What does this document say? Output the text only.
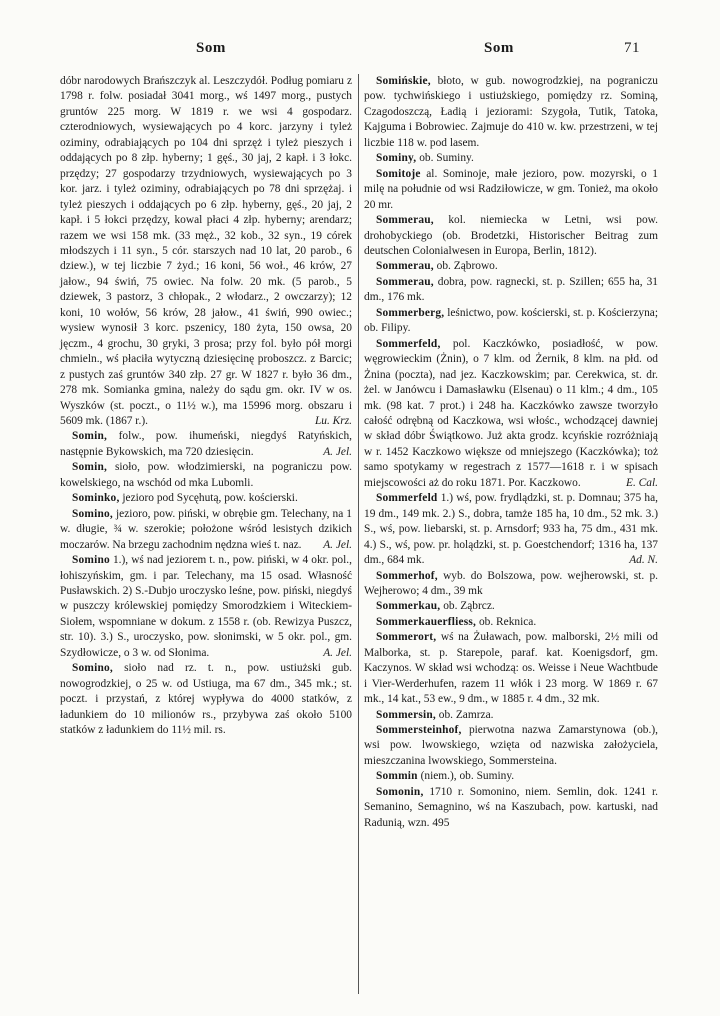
Som	Som	71

dóbr narodowych Brańszczyk al. Leszczydół. Podług pomiaru z 1798 r. folw. posiadał 3041 morg., wś 1497 morg., pustych gruntów 225 morg. W 1819 r. we wsi 4 gospodarz. czterodniowych, wysiewających po 4 korc. jarzyny i tyleż oziminy, odrabiających po 104 dni sprzęż i tyleż pieszych i oddających po 8 złp. hyberny; 1 gęś., 30 jaj, 2 kapł. i 3 łokc. przędzy; 27 gospodarzy trzydniowych, wysiewających po 3 kor. jarz. i tyleż oziminy, odrabiających po 78 dni sprzężaj. i tyleż pieszych i oddających po 6 złp. hyberny, gęś., 20 jaj, 2 kapł. i 5 łokci przędzy, kowal płaci 4 złp. hyberny; arendarz; razem we wsi 158 mk. (33 męż., 32 kob., 32 syn., 19 córek młodszych i 11 syn., 5 cór. starszych nad 10 lat, 20 parob., 6 dziew.), w tej liczbie 7 żyd.; 16 koni, 56 woł., 46 krów, 27 jałow., 94 świń, 75 owiec. Na folw. 20 mk. (5 parob., 5 dziewek, 3 pastorz, 3 chłopak., 2 włodarz., 2 owczarzy); 12 koni, 10 wołów, 56 krów, 28 jałow., 41 świń, 990 owiec.; wysiew wynosił 3 korc. pszenicy, 180 żyta, 150 owsa, 20 jęczm., 4 grochu, 30 gryki, 3 prosa; przy fol. było pół morgi chmieln., wś płaciła wytyczną dziesięcinę proboszcz. z Barcic; z pustych zaś gruntów 340 złp. 27 gr. W 1827 r. było 36 dm., 278 mk. Somianka gmina, należy do sądu gm. okr. IV w os. Wyszków (st. poczt., o 11½ w.), ma 15996 morg. obszaru i 5609 mk. (1867 r.).	Lu. Krz.

Somin, folw., pow. ihumeński, niegdyś Ratyńskich, następnie Bykowskich, ma 720 dziesięcin.	A. Jel.

Somin, sioło, pow. włodzimierski, na pograniczu pow. kowelskiego, na wschód od mka Lubomli.

Sominko, jezioro pod Sycęhutą, pow. kościerski.

Somino, jezioro, pow. piński, w obrębie gm. Telechany, na 1 w. długie, ¾ w. szerokie; położone wśród lesistych dzikich moczarów. Na brzegu zachodnim nędzna wieś t. naz.	A. Jel.

Somino 1.), wś nad jeziorem t. n., pow. piński, w 4 okr. pol., łohiszyńskim, gm. i par. Telechany, ma 15 osad. Własność Pusławskich. 2) S.-Dubjo uroczysko leśne, pow. piński, niegdyś w puszczy królewskiej pomiędzy Smorodzkiem i Witeckiem-Siołem, wspomniane w dokum. z 1558 r. (ob. Rewizya Puszcz, str. 10). 3.) S., uroczysko, pow. słonimski, w 5 okr. pol., gm. Szydłowicze, o 3 w. od Słonima.	A. Jel.

Somino, sioło nad rz. t. n., pow. ustiużski gub. nowogrodzkiej, o 25 w. od Ustiuga, ma 67 dm., 345 mk.; st. poczt. i przystań, z której wypływa do 4000 statków, z ładunkiem do 10 milionów rs., przybywa zaś około 5100 statków z ładunkiem do 11½ mil. rs.

Somińskie, błoto, w gub. nowogrodzkiej, na pograniczu pow. tychwińskiego i ustiużskiego, pomiędzy rz. Sominą, Czagodoszczą, Ładią i jeziorami: Szygoła, Tutik, Tatoka, Kajguma i Bobrowiec. Zajmuje do 410 w. kw. przestrzeni, w tej liczbie 118 w. pod lasem.

Sominy, ob. Suminy.

Somitoje al. Sominoje, małe jezioro, pow. mozyrski, o 1 milę na południe od wsi Radziłowicze, w gm. Tonież, ma około 20 mr.

Sommerau, kol. niemiecka w Letni, wsi pow. drohobyckiego (ob. Brodetzki, Historischer Beitrag zum deutschen Colonialwesen in Europa, Berlin, 1812).

Sommerau, ob. Ząbrowo.

Sommerau, dobra, pow. ragnecki, st. p. Szillen; 655 ha, 31 dm., 176 mk.

Sommerberg, leśnictwo, pow. kościerski, st. p. Kościerzyna; ob. Filipy.

Sommerfeld, pol. Kaczkówko, posiadłość, w pow. węgrowieckim (Żnin), o 7 klm. od Żernik, 8 klm. na płd. od Żnina (poczta), nad jez. Kaczkowskim; par. Cerekwica, st. dr. żel. w Janówcu i Damasławku (Elsenau) o 11 klm.; 4 dm., 105 mk. (98 kat. 7 prot.) i 248 ha. Kaczkówko zawsze tworzyło całość odrębną od Kaczkowa, wsi włośc., wchodzącej dawniej w skład dóbr Świątkowo. Już akta grodz. kcyńskie rozróżniają w r. 1452 Kaczkowo większe od mniejszego (Kaczkówka); toż samo spotykamy w regestrach z 1577—1618 r. i w spisach miejscowości aż do roku 1871. Por. Kaczkowo.	E. Cal.

Sommerfeld 1.) wś, pow. frydlądzki, st. p. Domnau; 375 ha, 19 dm., 149 mk. 2.) S., dobra, tamże 185 ha, 10 dm., 52 mk. 3.) S., wś, pow. liebarski, st. p. Arnsdorf; 933 ha, 75 dm., 431 mk. 4.) S., wś, pow. pr. holądzki, st. p. Goestchendorf; 1316 ha, 137 dm., 684 mk.	Ad. N.

Sommerhof, wyb. do Bolszowa, pow. wejherowski, st. p. Wejherowo; 4 dm., 39 mk

Sommerkau, ob. Ząbrcz.

Sommerkauerfliess, ob. Reknica.

Sommerort, wś na Żuławach, pow. malborski, 2½ mili od Malborka, st. p. Starepole, paraf. kat. Koenigsdorf, gm. Kaczynos. W skład wsi wchodzą: os. Weisse i Neue Wachtbude i Vier-Werderhufen, razem 11 włók i 23 morg. W 1869 r. 67 mk., 14 kat., 53 ew., 9 dm., w 1885 r. 4 dm., 32 mk.

Sommersin, ob. Zamrza.

Sommersteinhof, pierwotna nazwa Zamarstynowa (ob.), wsi pow. lwowskiego, wzięta od nazwiska założyciela, mieszczanina lwowskiego, Sommersteina.

Sommin (niem.), ob. Suminy.

Somonin, 1710 r. Somonino, niem. Semlin, dok. 1241 r. Semanino, Semagnino, wś na Kaszubach, pow. kartuski, nad Radunią, wzn. 495
